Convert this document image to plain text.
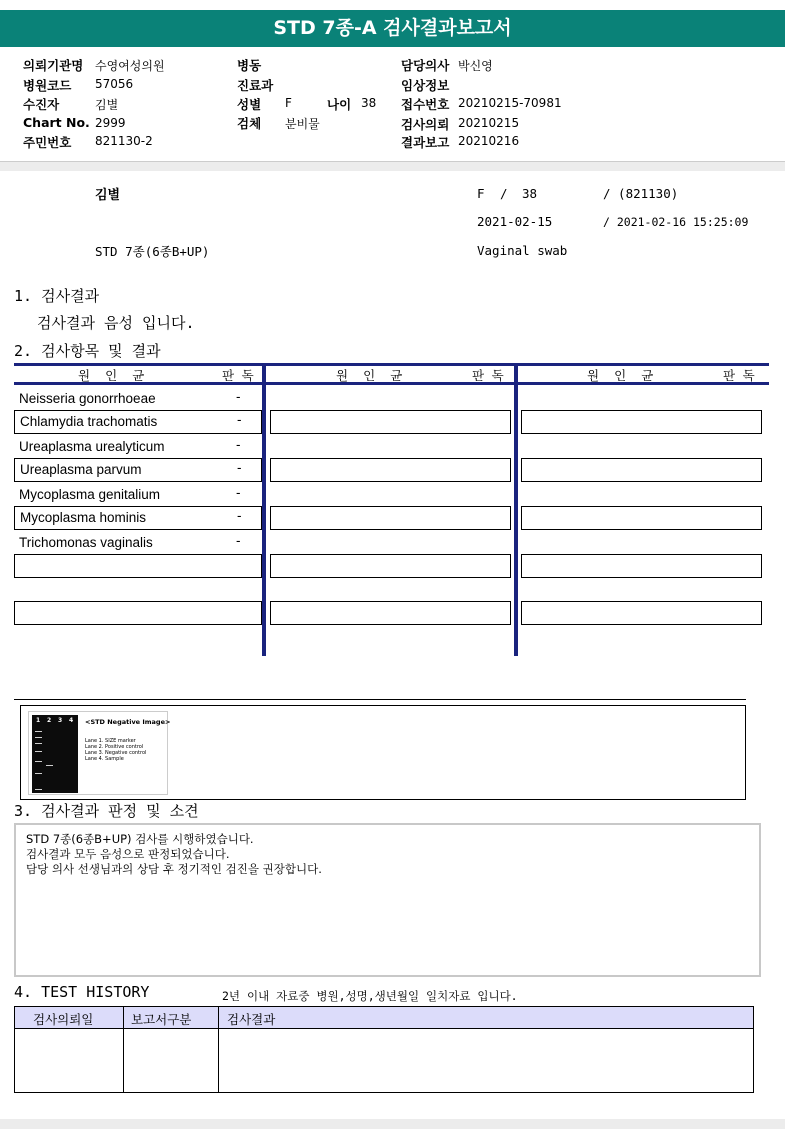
STD 7종-A 검사결과보고서
의뢰기관명 수영여성의원
병원코드 57056
수진자	김별
Chart No. 2999
주민번호 821130-2
병동
진료과
성별 F	나이 38
검체 분비물
담당의사 박신영
임상정보
접수번호 20210215-70981
검사의뢰 20210215
결과보고 20210216
김별	F / 38	/ (821130)
2021-02-15	/ 2021-02-16 15:25:09
STD 7종(6종B+UP)	Vaginal swab
1. 검사결과
검사결과 음성 입니다.
2. 검사항목 및 결과
원  인  균	판 독	원  인  균	판 독	원  인  균	판 독
Neisseria gonorrhoeae	-
Chlamydia trachomatis	-
Ureaplasma urealyticum	-
Ureaplasma parvum	-
Mycoplasma genitalium	-
Mycoplasma hominis	-
Trichomonas vaginalis	-
1 2 3 4 <STD Negative Image>
Lane 1. SIZE marker
Lane 2. Positive control
Lane 3. Negative control
Lane 4. Sample
3. 검사결과 판정 및 소견
STD 7종(6종B+UP) 검사를 시행하였습니다.
검사결과 모두 음성으로 판정되었습니다.
담당 의사 선생님과의 상담 후 정기적인 검진을 권장합니다.
4. TEST HISTORY	2년 이내 자료중 병원,성명,생년월일 일치자료 입니다.
검사의뢰일	보고서구분	검사결과
